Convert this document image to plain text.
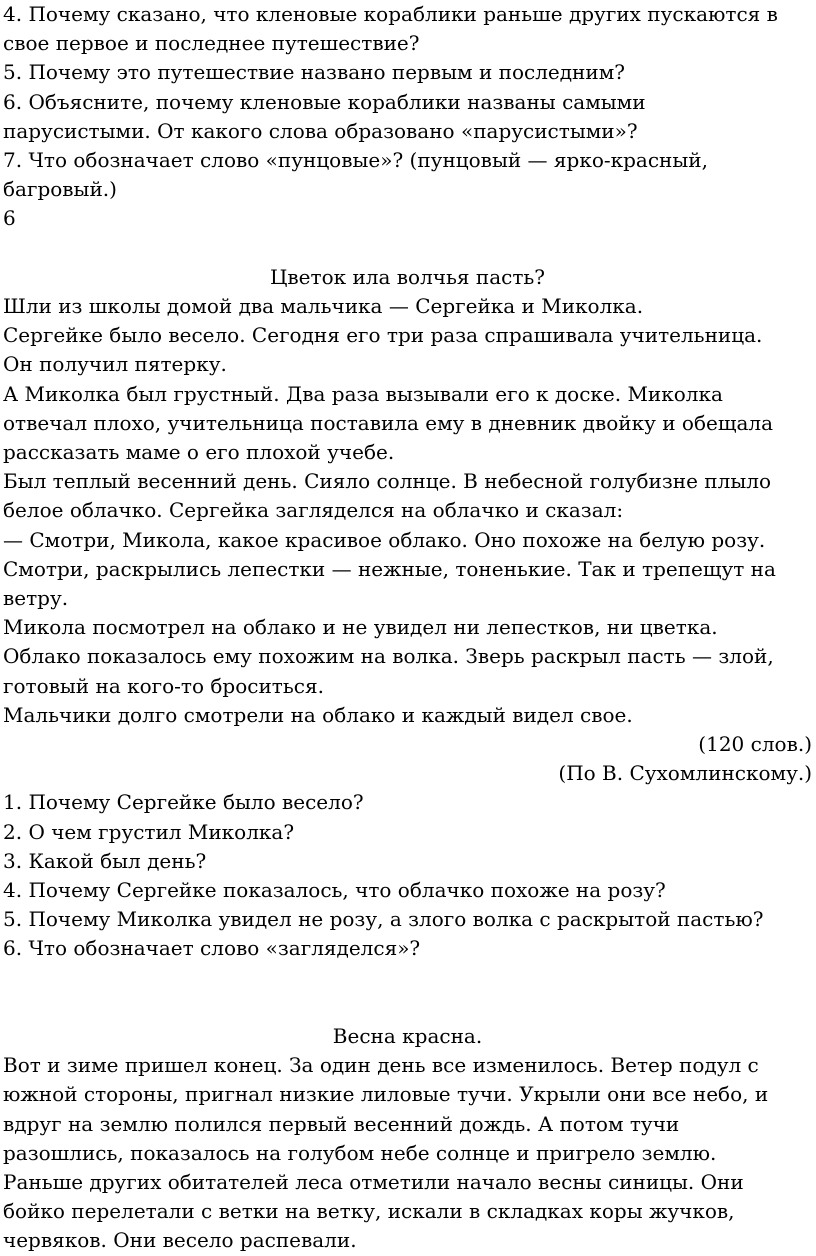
4. Почему сказано, что кленовые кораблики раньше других пускаются в
свое первое и последнее путешествие?
5. Почему это путешествие названо первым и последним?
6. Объясните, почему кленовые кораблики названы самыми
парусистыми. От какого слова образовано «парусистыми»?
7. Что обозначает слово «пунцовые»? (пунцовый — ярко-красный,
багровый.)
6
Цветок ила волчья пасть?
Шли из школы домой два мальчика — Сергейка и Миколка.
Сергейке было весело. Сегодня его три раза спрашивала учительница.
Он получил пятерку.
А Миколка был грустный. Два раза вызывали его к доске. Миколка
отвечал плохо, учительница поставила ему в дневник двойку и обещала
рассказать маме о его плохой учебе.
Был теплый весенний день. Сияло солнце. В небесной голубизне плыло
белое облачко. Сергейка загляделся на облачко и сказал:
— Смотри, Микола, какое красивое облако. Оно похоже на белую розу.
Смотри, раскрылись лепестки — нежные, тоненькие. Так и трепещут на
ветру.
Микола посмотрел на облако и не увидел ни лепестков, ни цветка.
Облако показалось ему похожим на волка. Зверь раскрыл пасть — злой,
готовый на кого-то броситься.
Мальчики долго смотрели на облако и каждый видел свое.
(120 слов.)
(По В. Сухомлинскому.)
1. Почему Сергейке было весело?
2. О чем грустил Миколка?
3. Какой был день?
4. Почему Сергейке показалось, что облачко похоже на розу?
5. Почему Миколка увидел не розу, а злого волка с раскрытой пастью?
6. Что обозначает слово «загляделся»?
Весна красна.
Вот и зиме пришел конец. За один день все изменилось. Ветер подул с
южной стороны, пригнал низкие лиловые тучи. Укрыли они все небо, и
вдруг на землю полился первый весенний дождь. А потом тучи
разошлись, показалось на голубом небе солнце и пригрело землю.
Раньше других обитателей леса отметили начало весны синицы. Они
бойко перелетали с ветки на ветку, искали в складках коры жучков,
червяков. Они весело распевали.
